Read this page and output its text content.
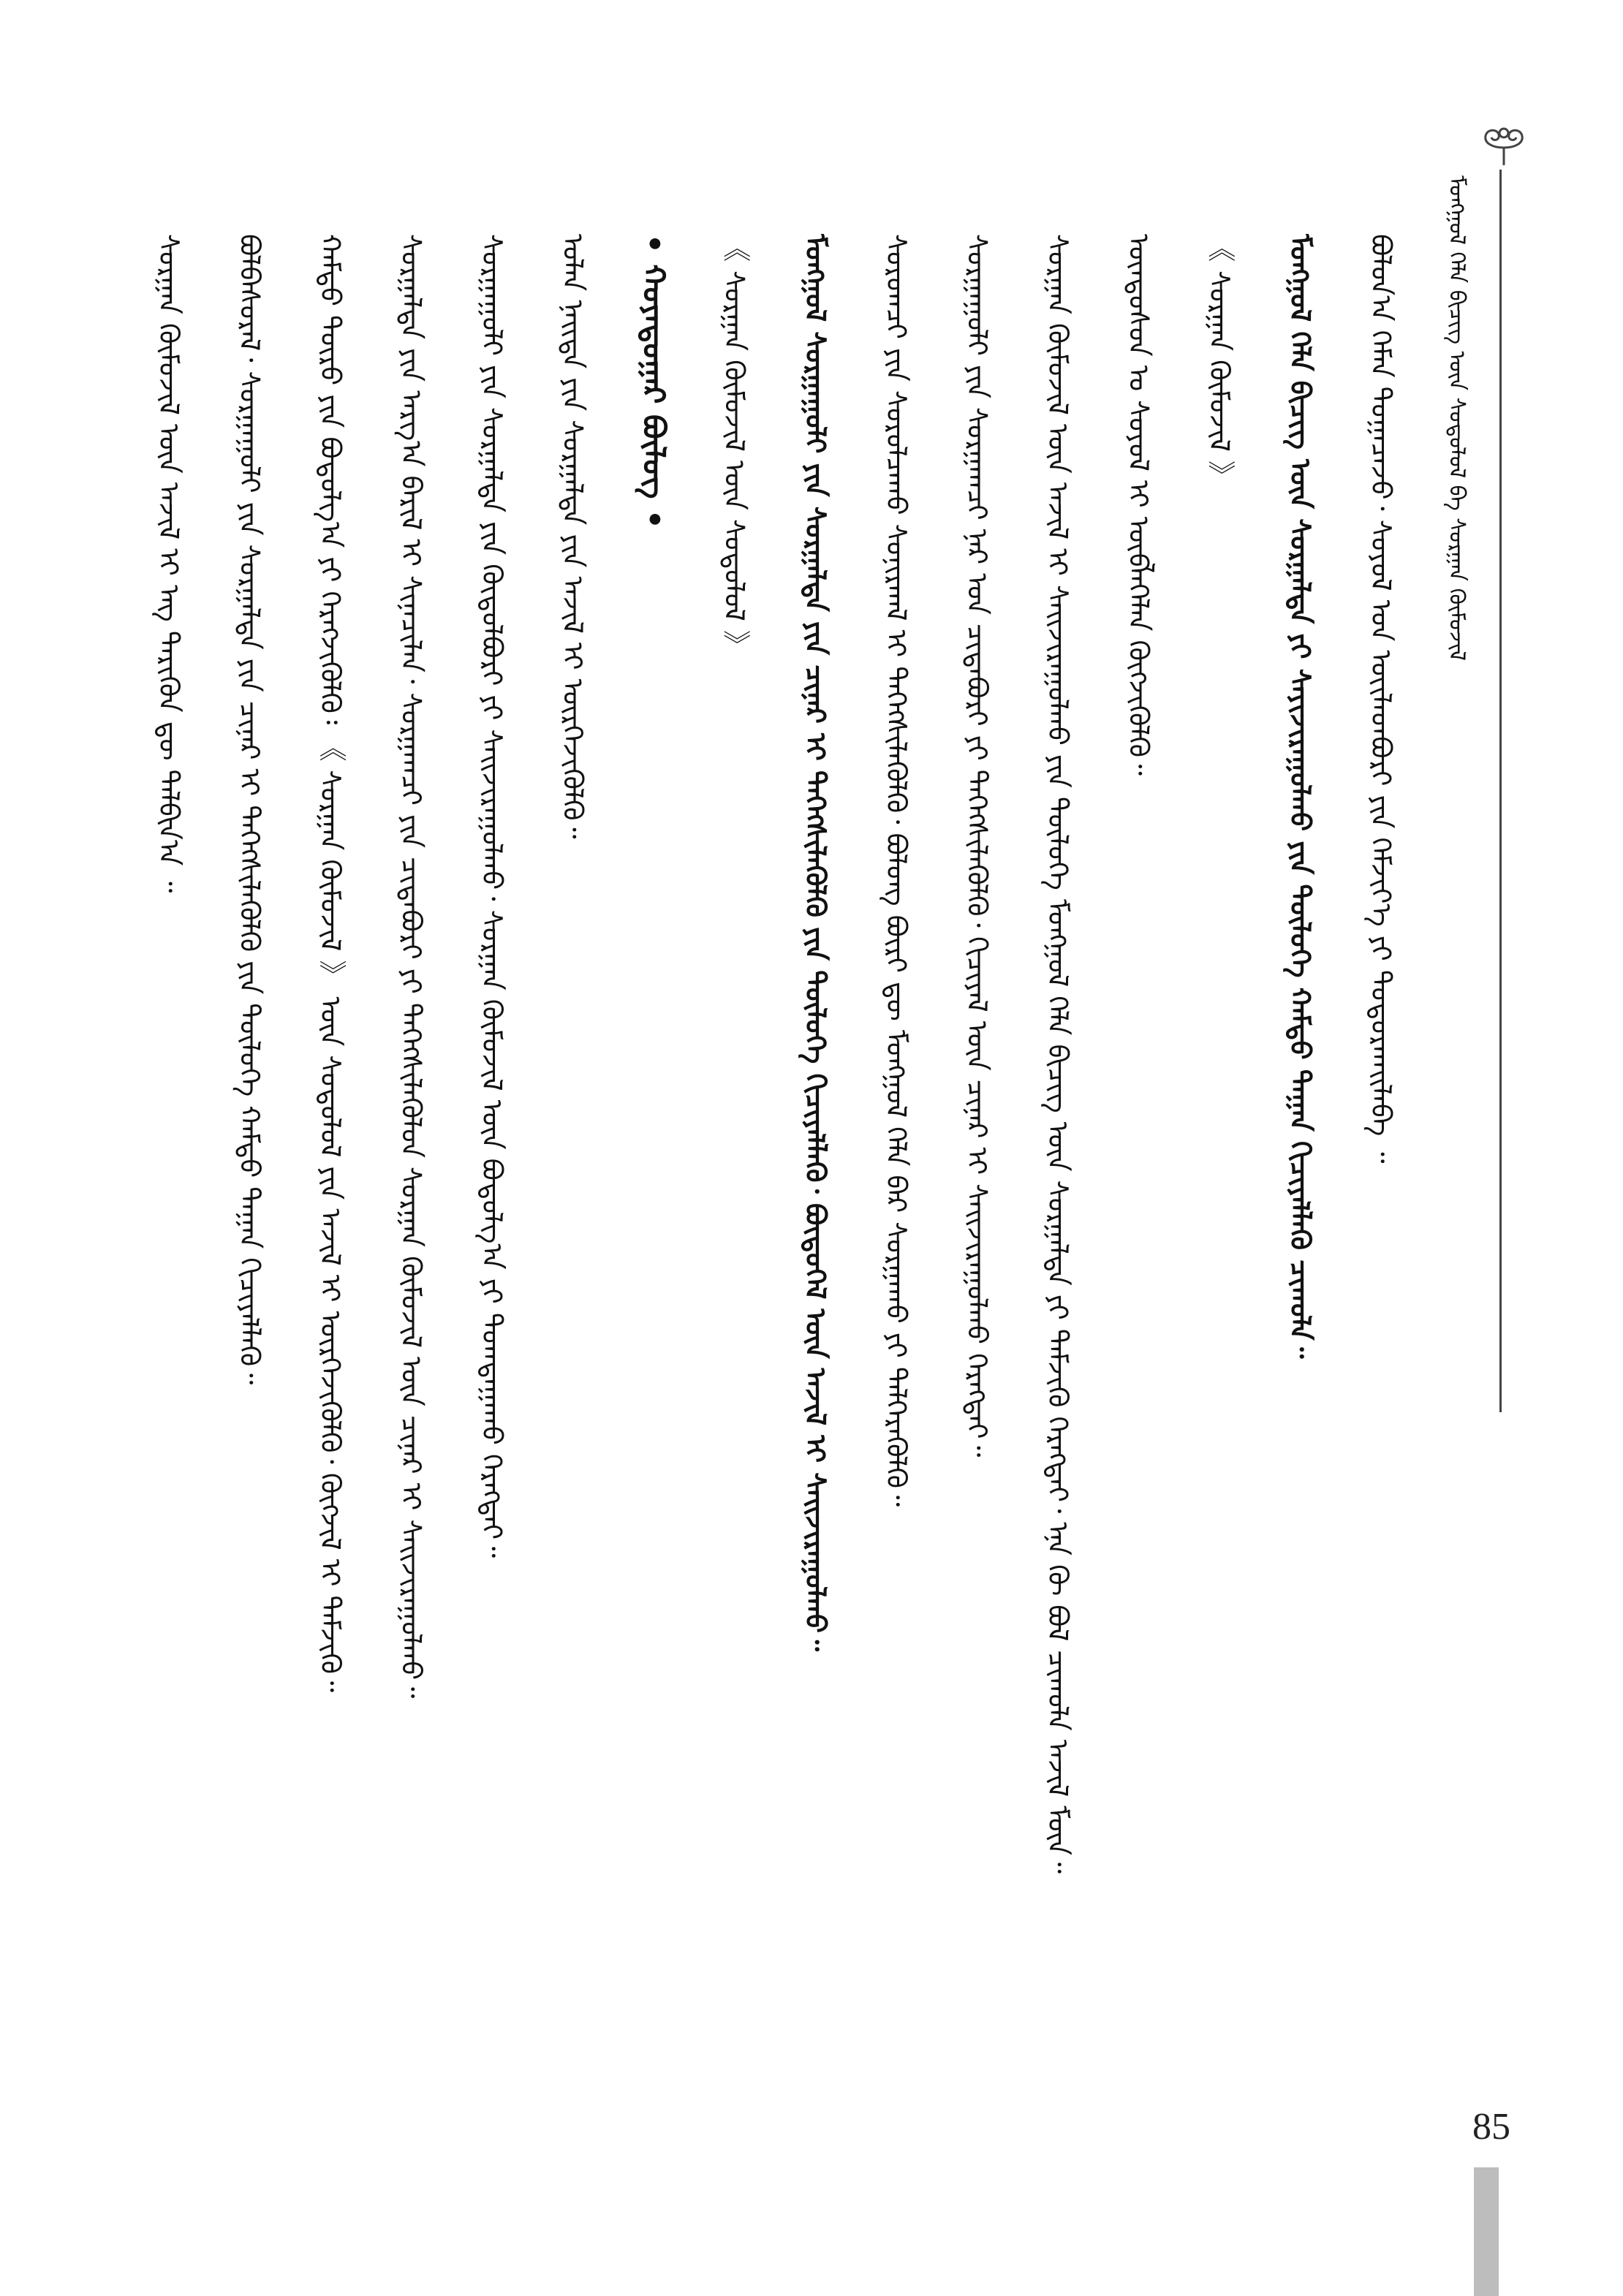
ᠮᠣᠩᠭᠣᠯ ᠬᠡᠯᠡ ᠪᠢᠴᠢᠭ᠌ ᠦᠨ ᠰᠤᠳᠤᠯᠤᠯ ᠪᠠ ᠰᠤᠷᠭᠠᠨ ᠬᠦᠮᠦᠵᠢᠯ
ᠪᠣᠯᠤᠨ᠎ᠠ ᠬᠡᠮᠡᠨ ᠲᠣᠭᠠᠴᠠᠵᠤ᠂ ᠰᠣᠶᠣᠯ ᠤᠨ ᠦᠢᠯᠡᠳᠪᠦᠷᠢ ᠶᠢᠨ ᠬᠡᠮᠵᠢᠶ᠎ᠡ ᠶᠢ ᠲᠣᠳᠣᠷᠬᠠᠢᠯᠠᠪᠠ ᠃
ᠮᠣᠩᠭᠣᠯ ᠬᠡᠯᠡ ᠪᠢᠴᠢᠭ᠌ ᠦᠨ ᠰᠤᠷᠭᠠᠯᠲᠠ ᠶᠢ ᠰᠠᠶᠢᠵᠢᠷᠠᠭᠤᠯᠬᠤ ᠶᠢᠨ ᠲᠥᠯᠦᠭᠡ ᠬᠠᠮᠲᠤ ᠳᠠᠭᠠᠨ ᠬᠢᠴᠢᠶᠡᠯᠯᠡᠬᠦ ᠴᠢᠬᠤᠯᠠ᠃
《 ᠰᠤᠷᠭᠠᠨ ᠬᠦᠮᠦᠵᠢᠯ 》
ᠦᠨᠳᠦᠰᠦᠨ ᠤ ᠰᠣᠶᠣᠯ ᠢ ᠥᠪᠯᠡᠭᠡᠯᠡᠨ ᠬᠥᠭᠵᠢᠭᠦᠯᠬᠦ᠃
ᠰᠤᠷᠭᠠᠨ ᠬᠦᠮᠦᠵᠢᠯ ᠦᠨ ᠠᠵᠢᠯ ᠢ ᠰᠠᠢᠵᠢᠷᠠᠭᠤᠯᠬᠤ ᠶᠢᠨ ᠲᠥᠯᠦᠭᠡ ᠮᠣᠩᠭᠣᠯ ᠬᠡᠯᠡ ᠪᠢᠴᠢᠭ᠌ ᠦᠨ ᠰᠤᠷᠭᠠᠯᠲᠠ ᠶᠢ ᠳᠡᠮᠵᠢᠬᠦ ᠬᠡᠷᠡᠭᠲᠡᠢ᠂ ᠡᠨᠡ ᠬᠦ ᠪᠣᠯ ᠴᠢᠬᠤᠯᠠ ᠠᠵᠢᠯ ᠮᠥᠨ᠃
ᠰᠤᠷᠭᠠᠭᠤᠯᠢ ᠶᠢᠨ ᠰᠤᠷᠭᠠᠭᠴᠢ ᠨᠠᠷ ᠤᠨ ᠴᠢᠳᠠᠪᠤᠷᠢ ᠶᠢ ᠳᠡᠭᠡᠭᠰᠢᠯᠡᠭᠦᠯᠬᠦ᠂ ᠬᠢᠴᠢᠶᠡᠯ ᠦᠨ ᠴᠢᠨᠠᠷ ᠢ ᠰᠠᠢᠵᠢᠷᠠᠭᠤᠯᠬᠤ ᠬᠡᠷᠡᠭᠲᠡᠢ᠃
ᠰᠤᠷᠤᠭᠴᠢ ᠶᠢᠨ ᠰᠤᠷᠤᠯᠴᠠᠬᠤ ᠰᠣᠨᠢᠷᠬᠠᠯ ᠢ ᠳᠡᠭᠡᠭᠰᠢᠯᠡᠭᠦᠯᠬᠦ᠂ ᠪᠤᠯᠤᠩ ᠪᠦᠷᠢ ᠳᠦ ᠮᠣᠩᠭᠣᠯ ᠬᠡᠯᠡ ᠪᠡᠷ ᠰᠤᠷᠭᠠᠬᠤ ᠶᠢ ᠳᠡᠯᠭᠡᠷᠡᠭᠦᠯᠬᠦ᠃
ᠮᠣᠩᠭᠣᠯ ᠰᠤᠷᠭᠠᠭᠤᠯᠢ ᠶᠢᠨ ᠰᠤᠷᠭᠠᠯᠲᠠ ᠶᠢᠨ ᠴᠢᠨᠠᠷ ᠢ ᠳᠡᠭᠡᠭᠰᠢᠯᠡᠭᠦᠯᠬᠦ ᠶᠢᠨ ᠲᠥᠯᠦᠭᠡ ᠬᠢᠴᠢᠶᠡᠯᠯᠡᠬᠦ᠂ ᠪᠦᠲᠦᠭᠡᠯ ᠦᠨ ᠠᠵᠢᠯ ᠢ ᠰᠠᠢᠵᠢᠷᠠᠭᠤᠯᠬᠤ᠃
《 ᠰᠤᠷᠭᠠᠨ ᠬᠦᠮᠦᠵᠢᠯ ᠦᠨ ᠰᠤᠳᠤᠯᠤᠯ 》
• ᠬᠣᠶᠠᠳᠤᠭᠠᠷ ᠪᠦᠯᠦᠭ •
ᠣᠯᠠᠨ ᠨᠡᠢᠲᠡ ᠶᠢᠨ ᠰᠤᠷᠭᠠᠯᠲᠠ ᠶᠢᠨ ᠠᠵᠢᠯ ᠢ ᠥᠷᠭᠡᠵᠢᠭᠦᠯᠬᠦ᠃
ᠰᠤᠷᠭᠠᠭᠤᠯᠢ ᠶᠢᠨ ᠰᠤᠷᠭᠠᠯᠲᠠ ᠶᠢᠨ ᠬᠥᠲᠥᠯᠪᠦᠷᠢ ᠶᠢ ᠰᠠᠢᠵᠢᠷᠠᠭᠤᠯᠬᠤ᠂ ᠰᠤᠷᠭᠠᠨ ᠬᠦᠮᠦᠵᠢᠯ ᠦᠨ ᠪᠣᠳᠣᠯᠭ᠎ᠠ ᠶᠢ ᠲᠣᠭᠲᠠᠭᠠᠬᠤ ᠬᠡᠷᠡᠭᠲᠡᠢ᠃
ᠰᠤᠷᠭᠠᠯᠲᠠ ᠶᠢᠨ ᠠᠷᠭ᠎ᠠ ᠪᠠᠷᠢᠯ ᠢ ᠰᠢᠨᠡᠴᠢᠯᠡᠨ᠂ ᠰᠤᠷᠭᠠᠭᠴᠢ ᠶᠢᠨ ᠴᠢᠳᠠᠪᠤᠷᠢ ᠶᠢ ᠳᠡᠭᠡᠭᠰᠢᠯᠡᠭᠦᠯᠦᠨ ᠰᠤᠷᠭᠠᠨ ᠬᠦᠮᠦᠵᠢᠯ ᠦᠨ ᠴᠢᠨᠠᠷ ᠢ ᠰᠠᠢᠵᠢᠷᠠᠭᠤᠯᠬᠤ᠃
ᠬᠠᠮᠲᠤ ᠲᠥᠷᠥ ᠶᠢᠨ ᠪᠣᠳᠣᠯᠭ᠎ᠠ ᠶᠢ ᠬᠡᠷᠡᠭᠵᠢᠭᠦᠯᠬᠦ᠄ 《 ᠰᠤᠷᠭᠠᠨ ᠬᠦᠮᠦᠵᠢᠯ 》 ᠦᠨ ᠰᠤᠳᠤᠯᠤᠯ ᠶᠢᠨ ᠠᠵᠢᠯ ᠢ ᠥᠷᠭᠡᠵᠢᠭᠦᠯᠬᠦ᠂ ᠬᠥᠭᠵᠢᠯ ᠢ ᠳᠡᠮᠵᠢᠬᠦ᠃
ᠪᠣᠯᠪᠠᠰᠤᠷᠠᠯ᠂ ᠰᠤᠷᠭᠠᠭᠤᠯᠢ ᠶᠢᠨ ᠰᠤᠷᠭᠠᠯᠲᠠ ᠶᠢᠨ ᠴᠢᠨᠠᠷ ᠢ ᠳᠡᠭᠡᠭᠰᠢᠯᠡᠭᠦᠯᠬᠦ ᠶᠢᠨ ᠲᠥᠯᠦᠭᠡ ᠬᠠᠮᠲᠤ ᠳᠠᠭᠠᠨ ᠬᠢᠴᠢᠶᠡᠯᠯᠡᠬᠦ᠃
ᠰᠤᠷᠭᠠᠨ ᠬᠦᠮᠦᠵᠢᠯ ᠦᠨ ᠠᠵᠢᠯ ᠢ ᠡᠩ ᠲᠡᠷᠢᠭᠦᠨ ᠳᠦ ᠲᠠᠯᠪᠢᠨ᠎ᠠ ᠃
85
